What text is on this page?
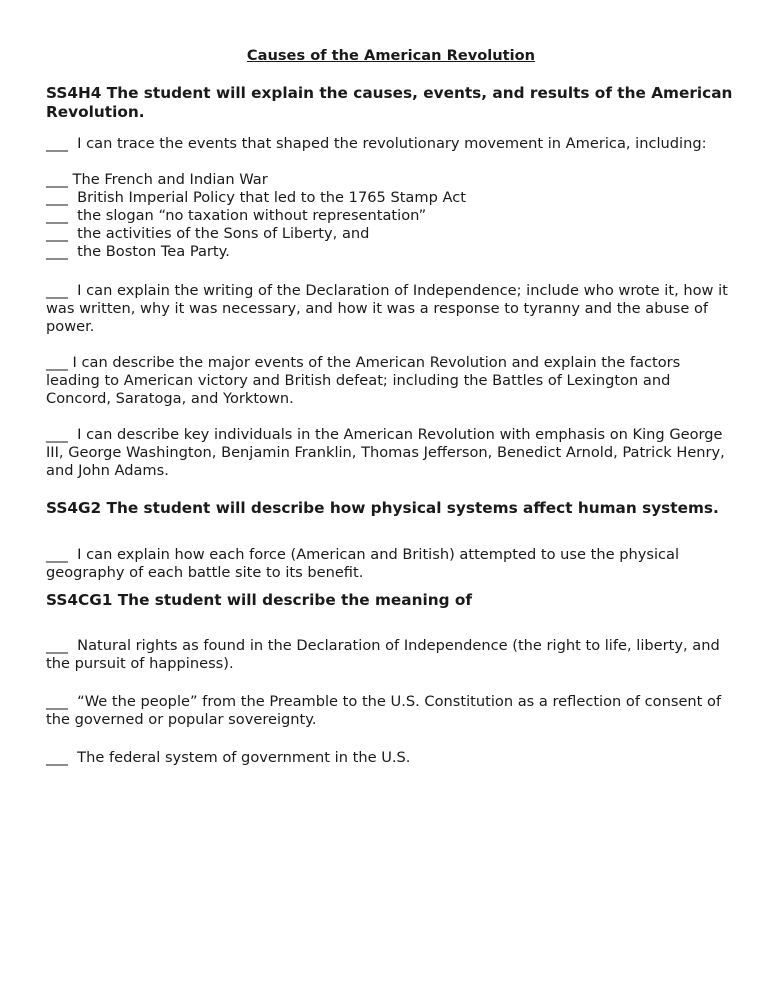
Causes of the American Revolution
SS4H4 The student will explain the causes, events, and results of the American Revolution.
___ I can trace the events that shaped the revolutionary movement in America, including:
___ The French and Indian War
___ British Imperial Policy that led to the 1765 Stamp Act
___ the slogan “no taxation without representation”
___ the activities of the Sons of Liberty, and
___ the Boston Tea Party.
___ I can explain the writing of the Declaration of Independence; include who wrote it, how it was written, why it was necessary, and how it was a response to tyranny and the abuse of power.
___ I can describe the major events of the American Revolution and explain the factors leading to American victory and British defeat; including the Battles of Lexington and Concord, Saratoga, and Yorktown.
___ I can describe key individuals in the American Revolution with emphasis on King George III, George Washington, Benjamin Franklin, Thomas Jefferson, Benedict Arnold, Patrick Henry, and John Adams.
SS4G2 The student will describe how physical systems affect human systems.
___ I can explain how each force (American and British) attempted to use the physical geography of each battle site to its benefit.
SS4CG1 The student will describe the meaning of
___ Natural rights as found in the Declaration of Independence (the right to life, liberty, and the pursuit of happiness).
___ “We the people” from the Preamble to the U.S. Constitution as a reflection of consent of the governed or popular sovereignty.
___ The federal system of government in the U.S.
